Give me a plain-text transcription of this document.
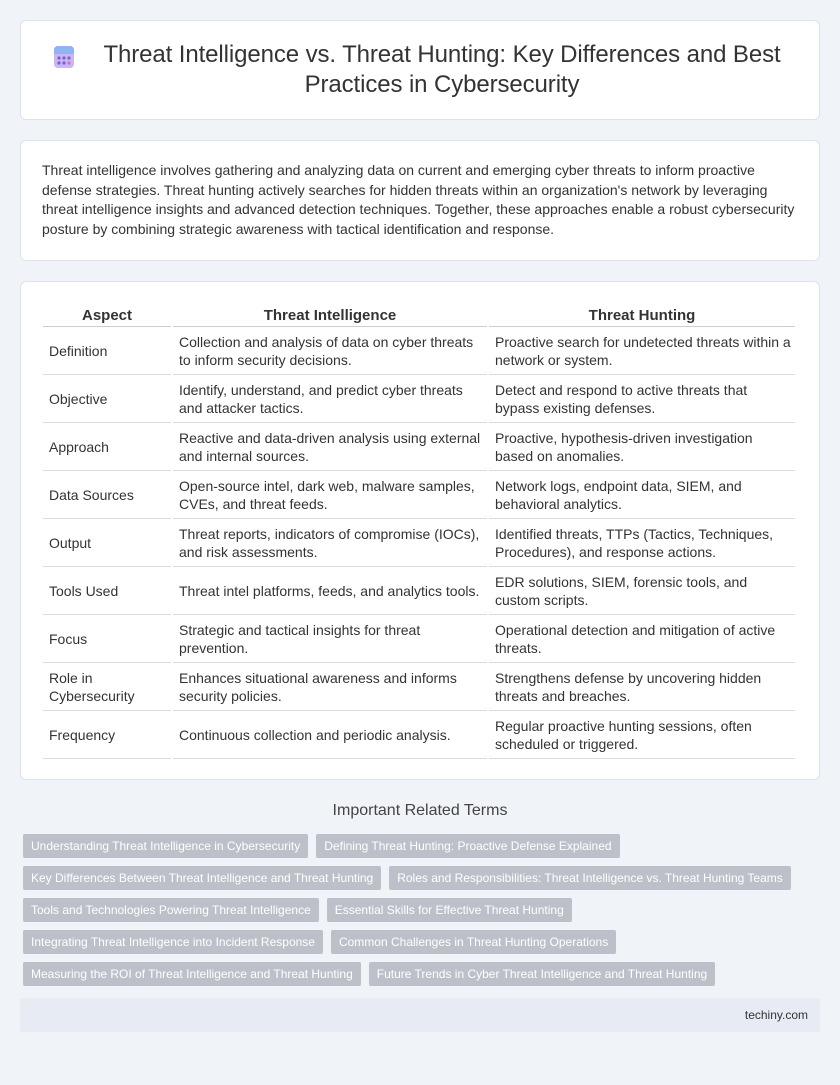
Threat Intelligence vs. Threat Hunting: Key Differences and Best Practices in Cybersecurity
Threat intelligence involves gathering and analyzing data on current and emerging cyber threats to inform proactive defense strategies. Threat hunting actively searches for hidden threats within an organization's network by leveraging threat intelligence insights and advanced detection techniques. Together, these approaches enable a robust cybersecurity posture by combining strategic awareness with tactical identification and response.
Aspect	Threat Intelligence	Threat Hunting
Definition	Collection and analysis of data on cyber threats to inform security decisions.	Proactive search for undetected threats within a network or system.
Objective	Identify, understand, and predict cyber threats and attacker tactics.	Detect and respond to active threats that bypass existing defenses.
Approach	Reactive and data-driven analysis using external and internal sources.	Proactive, hypothesis-driven investigation based on anomalies.
Data Sources	Open-source intel, dark web, malware samples, CVEs, and threat feeds.	Network logs, endpoint data, SIEM, and behavioral analytics.
Output	Threat reports, indicators of compromise (IOCs), and risk assessments.	Identified threats, TTPs (Tactics, Techniques, Procedures), and response actions.
Tools Used	Threat intel platforms, feeds, and analytics tools.	EDR solutions, SIEM, forensic tools, and custom scripts.
Focus	Strategic and tactical insights for threat prevention.	Operational detection and mitigation of active threats.
Role in Cybersecurity	Enhances situational awareness and informs security policies.	Strengthens defense by uncovering hidden threats and breaches.
Frequency	Continuous collection and periodic analysis.	Regular proactive hunting sessions, often scheduled or triggered.
Important Related Terms
Understanding Threat Intelligence in Cybersecurity	Defining Threat Hunting: Proactive Defense Explained
Key Differences Between Threat Intelligence and Threat Hunting	Roles and Responsibilities: Threat Intelligence vs. Threat Hunting Teams
Tools and Technologies Powering Threat Intelligence	Essential Skills for Effective Threat Hunting
Integrating Threat Intelligence into Incident Response	Common Challenges in Threat Hunting Operations
Measuring the ROI of Threat Intelligence and Threat Hunting	Future Trends in Cyber Threat Intelligence and Threat Hunting
techiny.com
